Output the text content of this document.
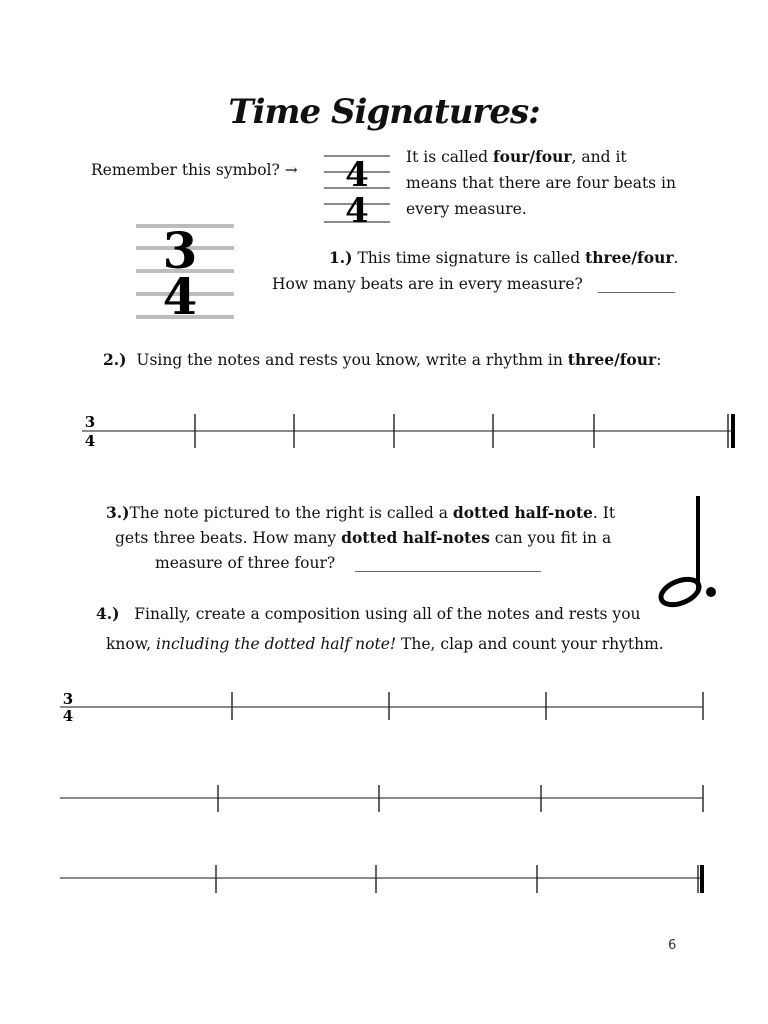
Time Signatures:
Remember this symbol? → 4
4
It is called four/four, and it
means that there are four beats in
every measure.
3
4
1.) This time signature is called three/four.
How many beats are in every measure? __________
2.) Using the notes and rests you know, write a rhythm in three/four:
3
4
3.)The note pictured to the right is called a dotted half-note. It
gets three beats. How many dotted half-notes can you fit in a
measure of three four? ________________________
4.) Finally, create a composition using all of the notes and rests you
know, including the dotted half note! The, clap and count your rhythm.
3
4
6
